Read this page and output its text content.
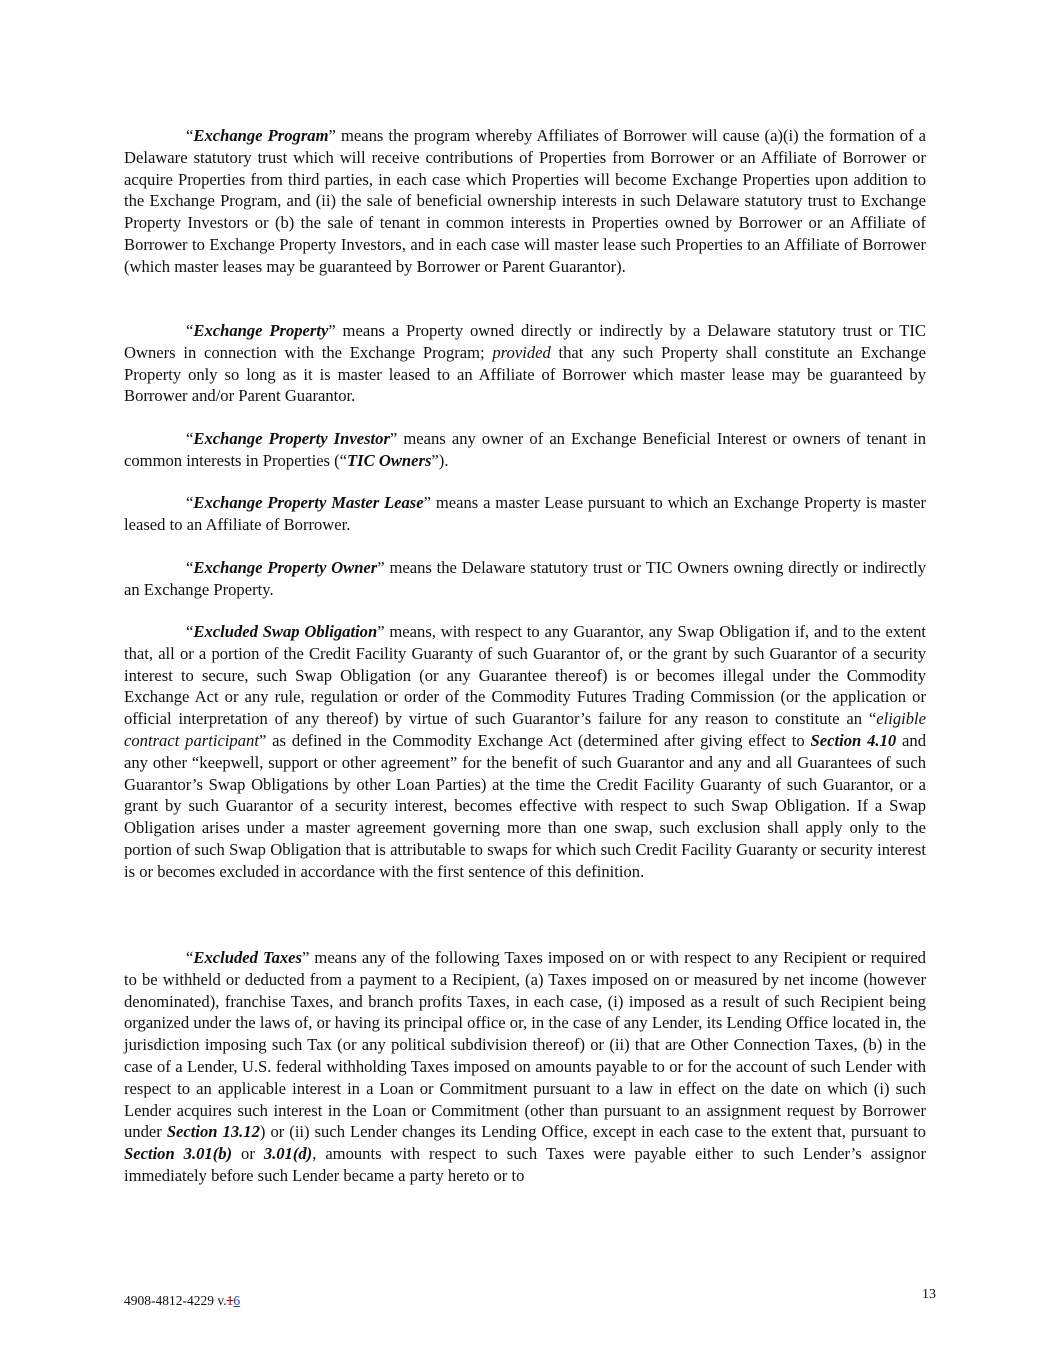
“Exchange Program” means the program whereby Affiliates of Borrower will cause (a)(i) the formation of a Delaware statutory trust which will receive contributions of Properties from Borrower or an Affiliate of Borrower or acquire Properties from third parties, in each case which Properties will become Exchange Properties upon addition to the Exchange Program, and (ii) the sale of beneficial ownership interests in such Delaware statutory trust to Exchange Property Investors or (b) the sale of tenant in common interests in Properties owned by Borrower or an Affiliate of Borrower to Exchange Property Investors, and in each case will master lease such Properties to an Affiliate of Borrower (which master leases may be guaranteed by Borrower or Parent Guarantor).

“Exchange Property” means a Property owned directly or indirectly by a Delaware statutory trust or TIC Owners in connection with the Exchange Program; provided that any such Property shall constitute an Exchange Property only so long as it is master leased to an Affiliate of Borrower which master lease may be guaranteed by Borrower and/or Parent Guarantor.

“Exchange Property Investor” means any owner of an Exchange Beneficial Interest or owners of tenant in common interests in Properties (“TIC Owners”).

“Exchange Property Master Lease” means a master Lease pursuant to which an Exchange Property is master leased to an Affiliate of Borrower.

“Exchange Property Owner” means the Delaware statutory trust or TIC Owners owning directly or indirectly an Exchange Property.

“Excluded Swap Obligation” means, with respect to any Guarantor, any Swap Obligation if, and to the extent that, all or a portion of the Credit Facility Guaranty of such Guarantor of, or the grant by such Guarantor of a security interest to secure, such Swap Obligation (or any Guarantee thereof) is or becomes illegal under the Commodity Exchange Act or any rule, regulation or order of the Commodity Futures Trading Commission (or the application or official interpretation of any thereof) by virtue of such Guarantor’s failure for any reason to constitute an “eligible contract participant” as defined in the Commodity Exchange Act (determined after giving effect to Section 4.10 and any other “keepwell, support or other agreement” for the benefit of such Guarantor and any and all Guarantees of such Guarantor’s Swap Obligations by other Loan Parties) at the time the Credit Facility Guaranty of such Guarantor, or a grant by such Guarantor of a security interest, becomes effective with respect to such Swap Obligation. If a Swap Obligation arises under a master agreement governing more than one swap, such exclusion shall apply only to the portion of such Swap Obligation that is attributable to swaps for which such Credit Facility Guaranty or security interest is or becomes excluded in accordance with the first sentence of this definition.

“Excluded Taxes” means any of the following Taxes imposed on or with respect to any Recipient or required to be withheld or deducted from a payment to a Recipient, (a) Taxes imposed on or measured by net income (however denominated), franchise Taxes, and branch profits Taxes, in each case, (i) imposed as a result of such Recipient being organized under the laws of, or having its principal office or, in the case of any Lender, its Lending Office located in, the jurisdiction imposing such Tax (or any political subdivision thereof) or (ii) that are Other Connection Taxes, (b) in the case of a Lender, U.S. federal withholding Taxes imposed on amounts payable to or for the account of such Lender with respect to an applicable interest in a Loan or Commitment pursuant to a law in effect on the date on which (i) such Lender acquires such interest in the Loan or Commitment (other than pursuant to an assignment request by Borrower under Section 13.12) or (ii) such Lender changes its Lending Office, except in each case to the extent that, pursuant to Section 3.01(b) or 3.01(d), amounts with respect to such Taxes were payable either to such Lender’s assignor immediately before such Lender became a party hereto or to

4908-4812-4229 v.16	13
